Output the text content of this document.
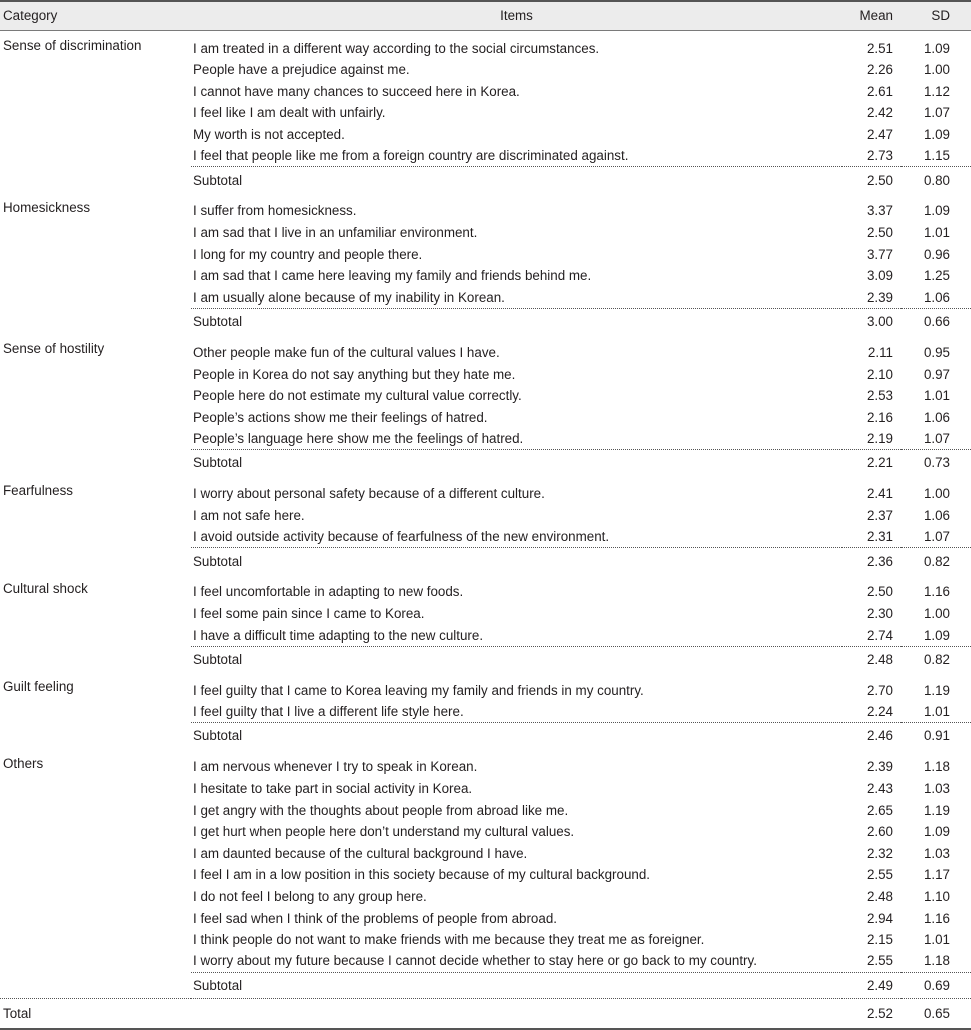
Category	Items	Mean	SD
Sense of discrimination	I am treated in a different way according to the social circumstances.	2.51	1.09
	People have a prejudice against me.	2.26	1.00
	I cannot have many chances to succeed here in Korea.	2.61	1.12
	I feel like I am dealt with unfairly.	2.42	1.07
	My worth is not accepted.	2.47	1.09
	I feel that people like me from a foreign country are discriminated against.	2.73	1.15
	Subtotal	2.50	0.80
Homesickness	I suffer from homesickness.	3.37	1.09
	I am sad that I live in an unfamiliar environment.	2.50	1.01
	I long for my country and people there.	3.77	0.96
	I am sad that I came here leaving my family and friends behind me.	3.09	1.25
	I am usually alone because of my inability in Korean.	2.39	1.06
	Subtotal	3.00	0.66
Sense of hostility	Other people make fun of the cultural values I have.	2.11	0.95
	People in Korea do not say anything but they hate me.	2.10	0.97
	People here do not estimate my cultural value correctly.	2.53	1.01
	People’s actions show me their feelings of hatred.	2.16	1.06
	People’s language here show me the feelings of hatred.	2.19	1.07
	Subtotal	2.21	0.73
Fearfulness	I worry about personal safety because of a different culture.	2.41	1.00
	I am not safe here.	2.37	1.06
	I avoid outside activity because of fearfulness of the new environment.	2.31	1.07
	Subtotal	2.36	0.82
Cultural shock	I feel uncomfortable in adapting to new foods.	2.50	1.16
	I feel some pain since I came to Korea.	2.30	1.00
	I have a difficult time adapting to the new culture.	2.74	1.09
	Subtotal	2.48	0.82
Guilt feeling	I feel guilty that I came to Korea leaving my family and friends in my country.	2.70	1.19
	I feel guilty that I live a different life style here.	2.24	1.01
	Subtotal	2.46	0.91
Others	I am nervous whenever I try to speak in Korean.	2.39	1.18
	I hesitate to take part in social activity in Korea.	2.43	1.03
	I get angry with the thoughts about people from abroad like me.	2.65	1.19
	I get hurt when people here don’t understand my cultural values.	2.60	1.09
	I am daunted because of the cultural background I have.	2.32	1.03
	I feel I am in a low position in this society because of my cultural background.	2.55	1.17
	I do not feel I belong to any group here.	2.48	1.10
	I feel sad when I think of the problems of people from abroad.	2.94	1.16
	I think people do not want to make friends with me because they treat me as foreigner.	2.15	1.01
	I worry about my future because I cannot decide whether to stay here or go back to my country.	2.55	1.18
	Subtotal	2.49	0.69
Total		2.52	0.65
